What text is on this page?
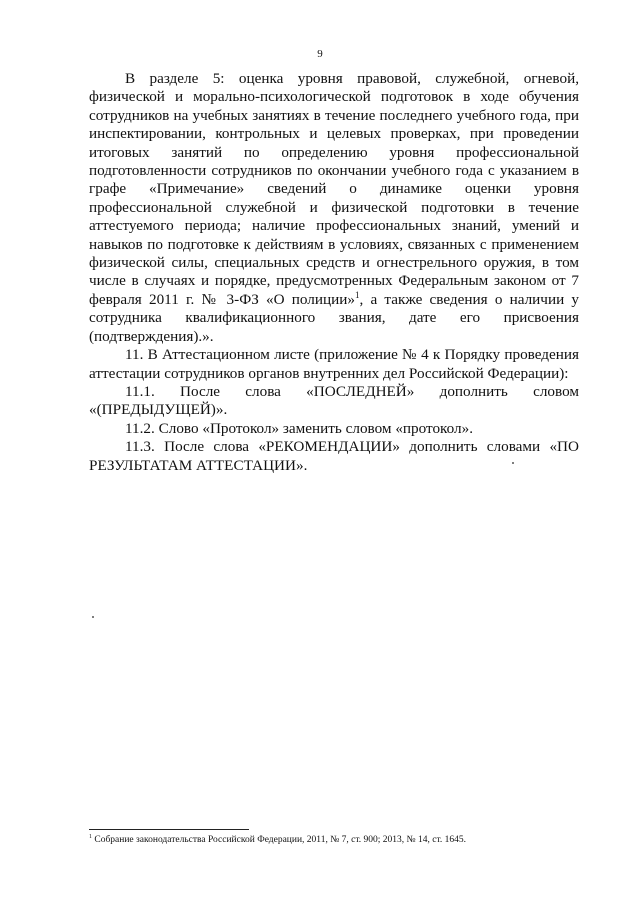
9

В разделе 5: оценка уровня правовой, служебной, огневой, физической и морально-психологической подготовок в ходе обучения сотрудников на учебных занятиях в течение последнего учебного года, при инспектировании, контрольных и целевых проверках, при проведении итоговых занятий по определению уровня профессиональной подготовленности сотрудников по окончании учебного года с указанием в графе «Примечание» сведений о динамике оценки уровня профессиональной служебной и физической подготовки в течение аттестуемого периода; наличие профессиональных знаний, умений и навыков по подготовке к действиям в условиях, связанных с применением физической силы, специальных средств и огнестрельного оружия, в том числе в случаях и порядке, предусмотренных Федеральным законом от 7 февраля 2011 г. № 3-ФЗ «О полиции»$^1$, а также сведения о наличии у сотрудника квалификационного звания, дате его присвоения (подтверждения).».

11. В Аттестационном листе (приложение № 4 к Порядку проведения аттестации сотрудников органов внутренних дел Российской Федерации):

11.1. После слова «ПОСЛЕДНЕЙ» дополнить словом «(ПРЕДЫДУЩЕЙ)».

11.2. Слово «Протокол» заменить словом «протокол».

11.3. После слова «РЕКОМЕНДАЦИИ» дополнить словами «ПО РЕЗУЛЬТАТАМ АТТЕСТАЦИИ».

$^1$ Собрание законодательства Российской Федерации, 2011, № 7, ст. 900; 2013, № 14, ст. 1645.
